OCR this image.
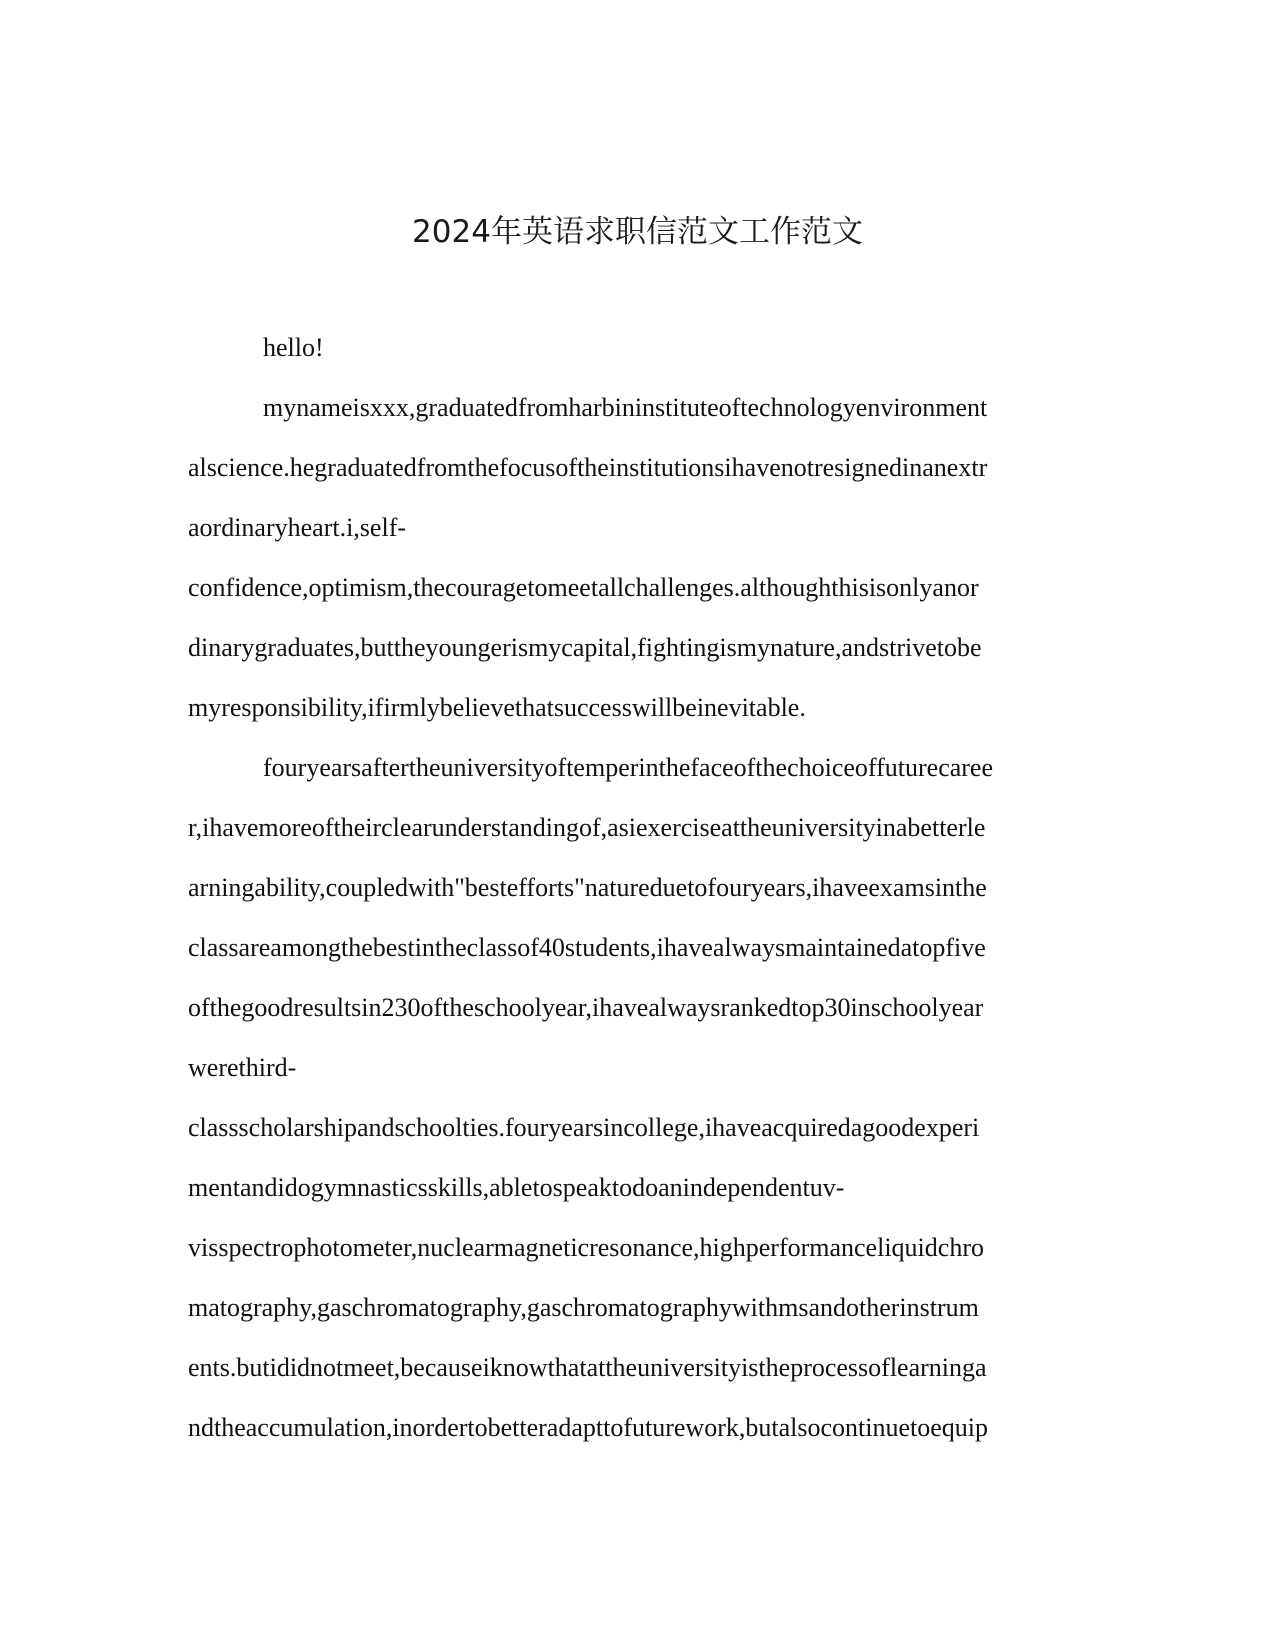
2024年英语求职信范文工作范文
hello!
mynameisxxx,graduatedfromharbininstituteoftechnologyenvironment
alscience.hegraduatedfromthefocusoftheinstitutionsihavenotresignedinanextr
aordinaryheart.i,self-
confidence,optimism,thecouragetomeetallchallenges.althoughthisisonlyanor
dinarygraduates,buttheyoungerismycapital,fightingismynature,andstrivetobe
myresponsibility,ifirmlybelievethatsuccesswillbeinevitable.
fouryearsaftertheuniversityoftemperinthefaceofthechoiceoffuturecaree
r,ihavemoreoftheirclearunderstandingof,asiexerciseattheuniversityinabetterle
arningability,coupledwith"bestefforts"natureduetofouryears,ihaveexamsinthe
classareamongthebestintheclassof40students,ihavealwaysmaintainedatopfive
ofthegoodresultsin230oftheschoolyear,ihavealwaysrankedtop30inschoolyear
werethird-
classscholarshipandschoolties.fouryearsincollege,ihaveacquiredagoodexperi
mentandidogymnasticsskills,abletospeaktodoanindependentuv-
visspectrophotometer,nuclearmagneticresonance,highperformanceliquidchro
matography,gaschromatography,gaschromatographywithmsandotherinstrum
ents.butididnotmeet,becauseiknowthatattheuniversityistheprocessoflearninga
ndtheaccumulation,inordertobetteradapttofuturework,butalsocontinuetoequip
